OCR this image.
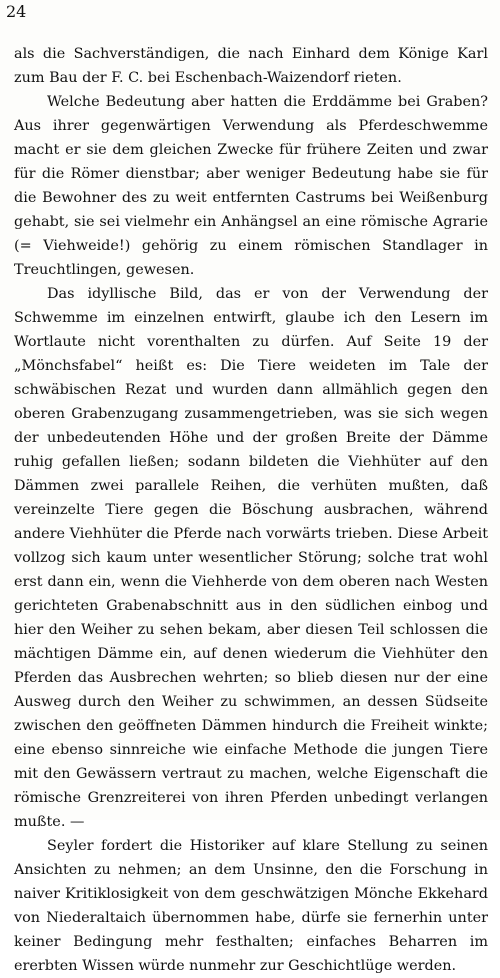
24

als die Sachverständigen, die nach Einhard dem Könige Karl zum Bau der F. C. bei Eschenbach-Waizendorf rieten.

Welche Bedeutung aber hatten die Erddämme bei Graben? Aus ihrer gegenwärtigen Verwendung als Pferdeschwemme macht er sie dem gleichen Zwecke für frühere Zeiten und zwar für die Römer dienstbar; aber weniger Bedeutung habe sie für die Bewohner des zu weit entfernten Castrums bei Weißenburg gehabt, sie sei vielmehr ein Anhängsel an eine römische Agrarie (= Viehweide!) gehörig zu einem römischen Standlager in Treuchtlingen, gewesen.

Das idyllische Bild, das er von der Verwendung der Schwemme im einzelnen entwirft, glaube ich den Lesern im Wortlaute nicht vorenthalten zu dürfen. Auf Seite 19 der „Mönchsfabel“ heißt es: Die Tiere weideten im Tale der schwäbischen Rezat und wurden dann allmählich gegen den oberen Grabenzugang zusammengetrieben, was sie sich wegen der unbedeutenden Höhe und der großen Breite der Dämme ruhig gefallen ließen; sodann bildeten die Viehhüter auf den Dämmen zwei parallele Reihen, die verhüten mußten, daß vereinzelte Tiere gegen die Böschung ausbrachen, während andere Viehhüter die Pferde nach vorwärts trieben. Diese Arbeit vollzog sich kaum unter wesentlicher Störung; solche trat wohl erst dann ein, wenn die Viehherde von dem oberen nach Westen gerichteten Grabenabschnitt aus in den südlichen einbog und hier den Weiher zu sehen bekam, aber diesen Teil schlossen die mächtigen Dämme ein, auf denen wiederum die Viehhüter den Pferden das Ausbrechen wehrten; so blieb diesen nur der eine Ausweg durch den Weiher zu schwimmen, an dessen Südseite zwischen den geöffneten Dämmen hindurch die Freiheit winkte; eine ebenso sinnreiche wie einfache Methode die jungen Tiere mit den Gewässern vertraut zu machen, welche Eigenschaft die römische Grenzreiterei von ihren Pferden unbedingt verlangen mußte. —

Seyler fordert die Historiker auf klare Stellung zu seinen Ansichten zu nehmen; an dem Unsinne, den die Forschung in naiver Kritiklosigkeit von dem geschwätzigen Mönche Ekkehard von Niederaltaich übernommen habe, dürfe sie fernerhin unter keiner Bedingung mehr festhalten; einfaches Beharren im ererbten Wissen würde nunmehr zur Geschichtlüge werden.
